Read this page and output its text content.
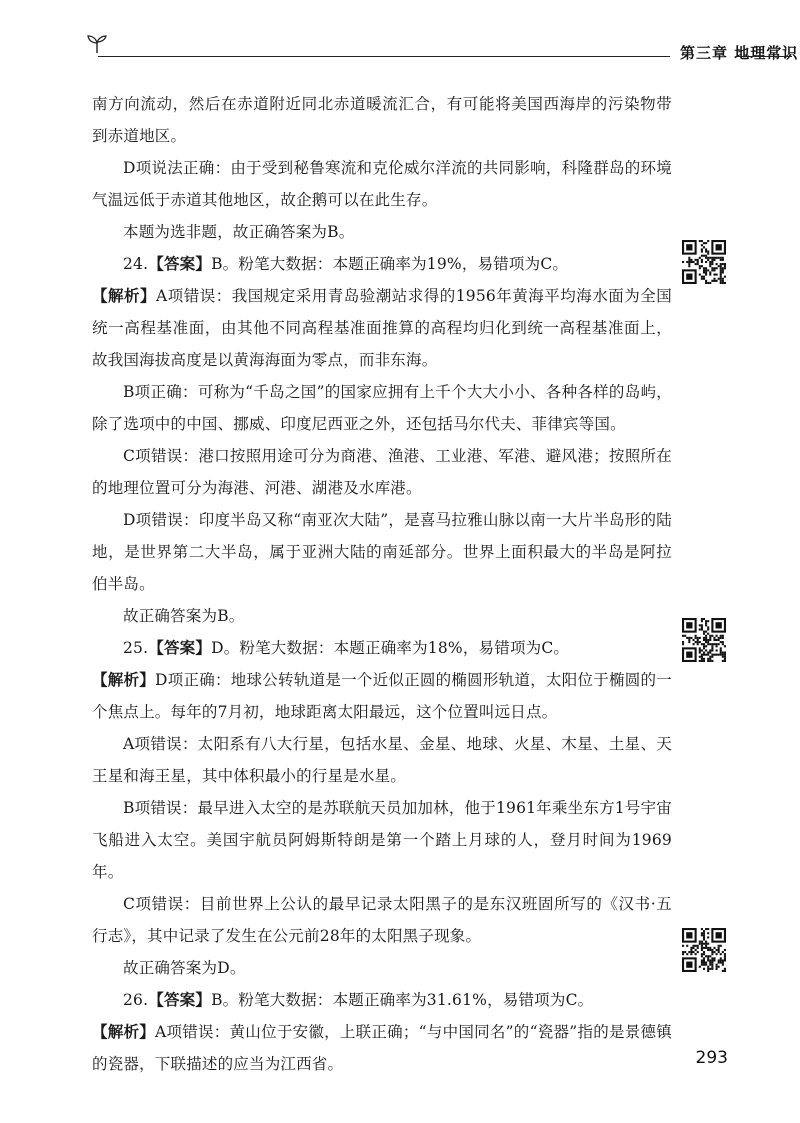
第三章 地理常识

南方向流动，然后在赤道附近同北赤道暖流汇合，有可能将美国西海岸的污染物带到赤道地区。

D项说法正确：由于受到秘鲁寒流和克伦威尔洋流的共同影响，科隆群岛的环境气温远低于赤道其他地区，故企鹅可以在此生存。

本题为选非题，故正确答案为B。

24.【答案】B。粉笔大数据：本题正确率为19%，易错项为C。

【解析】A项错误：我国规定采用青岛验潮站求得的1956年黄海平均海水面为全国统一高程基准面，由其他不同高程基准面推算的高程均归化到统一高程基准面上，故我国海拔高度是以黄海海面为零点，而非东海。

B项正确：可称为“千岛之国”的国家应拥有上千个大大小小、各种各样的岛屿，除了选项中的中国、挪威、印度尼西亚之外，还包括马尔代夫、菲律宾等国。

C项错误：港口按照用途可分为商港、渔港、工业港、军港、避风港；按照所在的地理位置可分为海港、河港、湖港及水库港。

D项错误：印度半岛又称“南亚次大陆”，是喜马拉雅山脉以南一大片半岛形的陆地，是世界第二大半岛，属于亚洲大陆的南延部分。世界上面积最大的半岛是阿拉伯半岛。

故正确答案为B。

25.【答案】D。粉笔大数据：本题正确率为18%，易错项为C。

【解析】D项正确：地球公转轨道是一个近似正圆的椭圆形轨道，太阳位于椭圆的一个焦点上。每年的7月初，地球距离太阳最远，这个位置叫远日点。

A项错误：太阳系有八大行星，包括水星、金星、地球、火星、木星、土星、天王星和海王星，其中体积最小的行星是水星。

B项错误：最早进入太空的是苏联航天员加加林，他于1961年乘坐东方1号宇宙飞船进入太空。美国宇航员阿姆斯特朗是第一个踏上月球的人，登月时间为1969年。

C项错误：目前世界上公认的最早记录太阳黑子的是东汉班固所写的《汉书·五行志》，其中记录了发生在公元前28年的太阳黑子现象。

故正确答案为D。

26.【答案】B。粉笔大数据：本题正确率为31.61%，易错项为C。

【解析】A项错误：黄山位于安徽，上联正确；“与中国同名”的“瓷器”指的是景德镇的瓷器，下联描述的应当为江西省。	293
